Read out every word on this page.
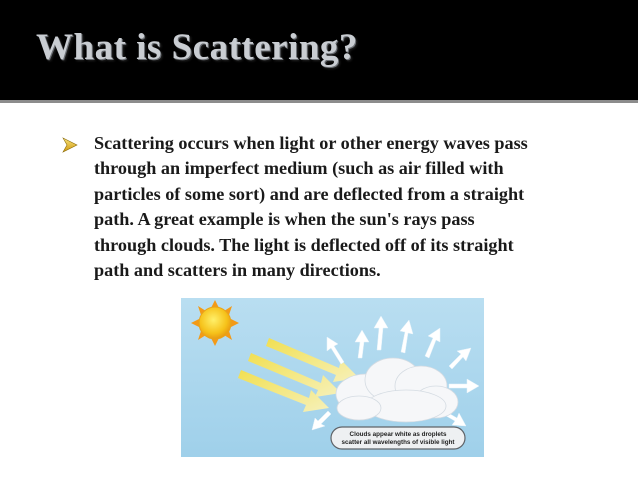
What is Scattering?

Scattering occurs when light or other energy waves pass
through an imperfect medium (such as air filled with
particles of some sort) and are deflected from a straight
path. A great example is when the sun's rays pass
through clouds. The light is deflected off of its straight
path and scatters in many directions.

Clouds appear white as droplets
scatter all wavelengths of visible light
